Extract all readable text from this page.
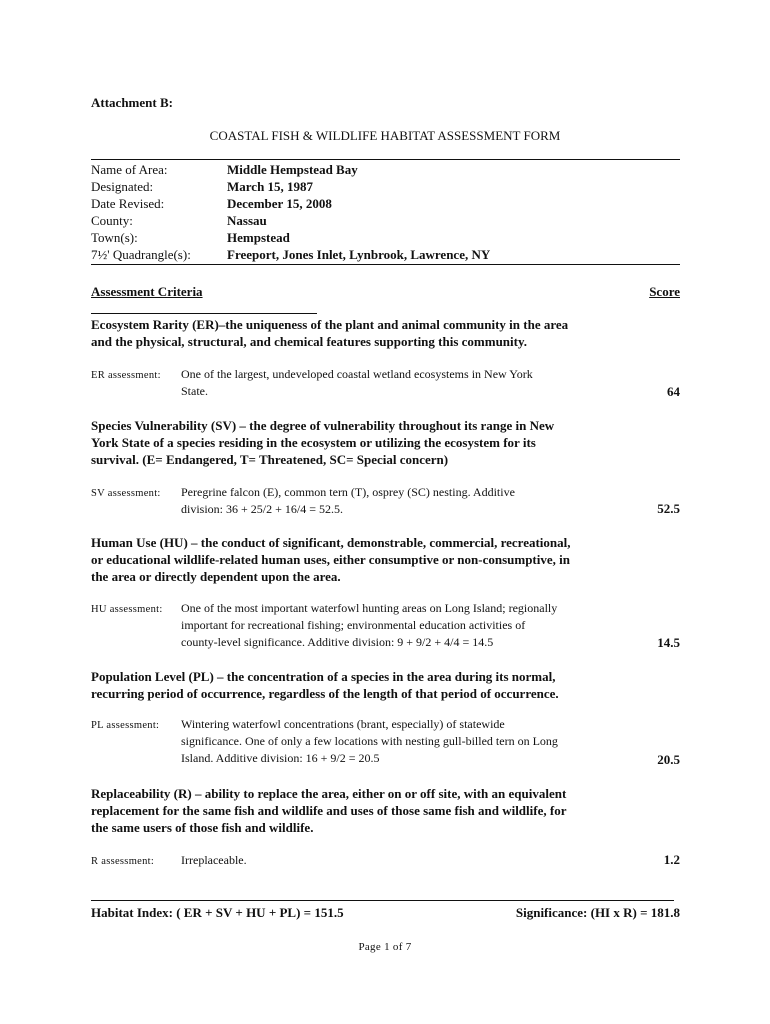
Attachment B:
COASTAL FISH & WILDLIFE HABITAT ASSESSMENT FORM
Name of Area:	Middle Hempstead Bay
Designated:	March 15, 1987
Date Revised:	December 15, 2008
County:	Nassau
Town(s):	Hempstead
7½' Quadrangle(s):	Freeport, Jones Inlet, Lynbrook, Lawrence, NY
Assessment Criteria	Score
Ecosystem Rarity (ER)–the uniqueness of the plant and animal community in the area
and the physical, structural, and chemical features supporting this community.
ER assessment: One of the largest, undeveloped coastal wetland ecosystems in New York
State.	64
Species Vulnerability (SV) – the degree of vulnerability throughout its range in New
York State of a species residing in the ecosystem or utilizing the ecosystem for its
survival. (E= Endangered, T= Threatened, SC= Special concern)
SV assessment: Peregrine falcon (E), common tern (T), osprey (SC) nesting. Additive
division: 36 + 25/2 + 16/4 = 52.5.	52.5
Human Use (HU) – the conduct of significant, demonstrable, commercial, recreational,
or educational wildlife-related human uses, either consumptive or non-consumptive, in
the area or directly dependent upon the area.
HU assessment: One of the most important waterfowl hunting areas on Long Island; regionally
important for recreational fishing; environmental education activities of
county-level significance. Additive division: 9 + 9/2 + 4/4 = 14.5	14.5
Population Level (PL) – the concentration of a species in the area during its normal,
recurring period of occurrence, regardless of the length of that period of occurrence.
PL assessment: Wintering waterfowl concentrations (brant, especially) of statewide
significance. One of only a few locations with nesting gull-billed tern on Long
Island. Additive division: 16 + 9/2 = 20.5	20.5
Replaceability (R) – ability to replace the area, either on or off site, with an equivalent
replacement for the same fish and wildlife and uses of those same fish and wildlife, for
the same users of those fish and wildlife.
R assessment: Irreplaceable.	1.2
Habitat Index: ( ER + SV + HU + PL) = 151.5	Significance: (HI x R) = 181.8
Page 1 of 7
